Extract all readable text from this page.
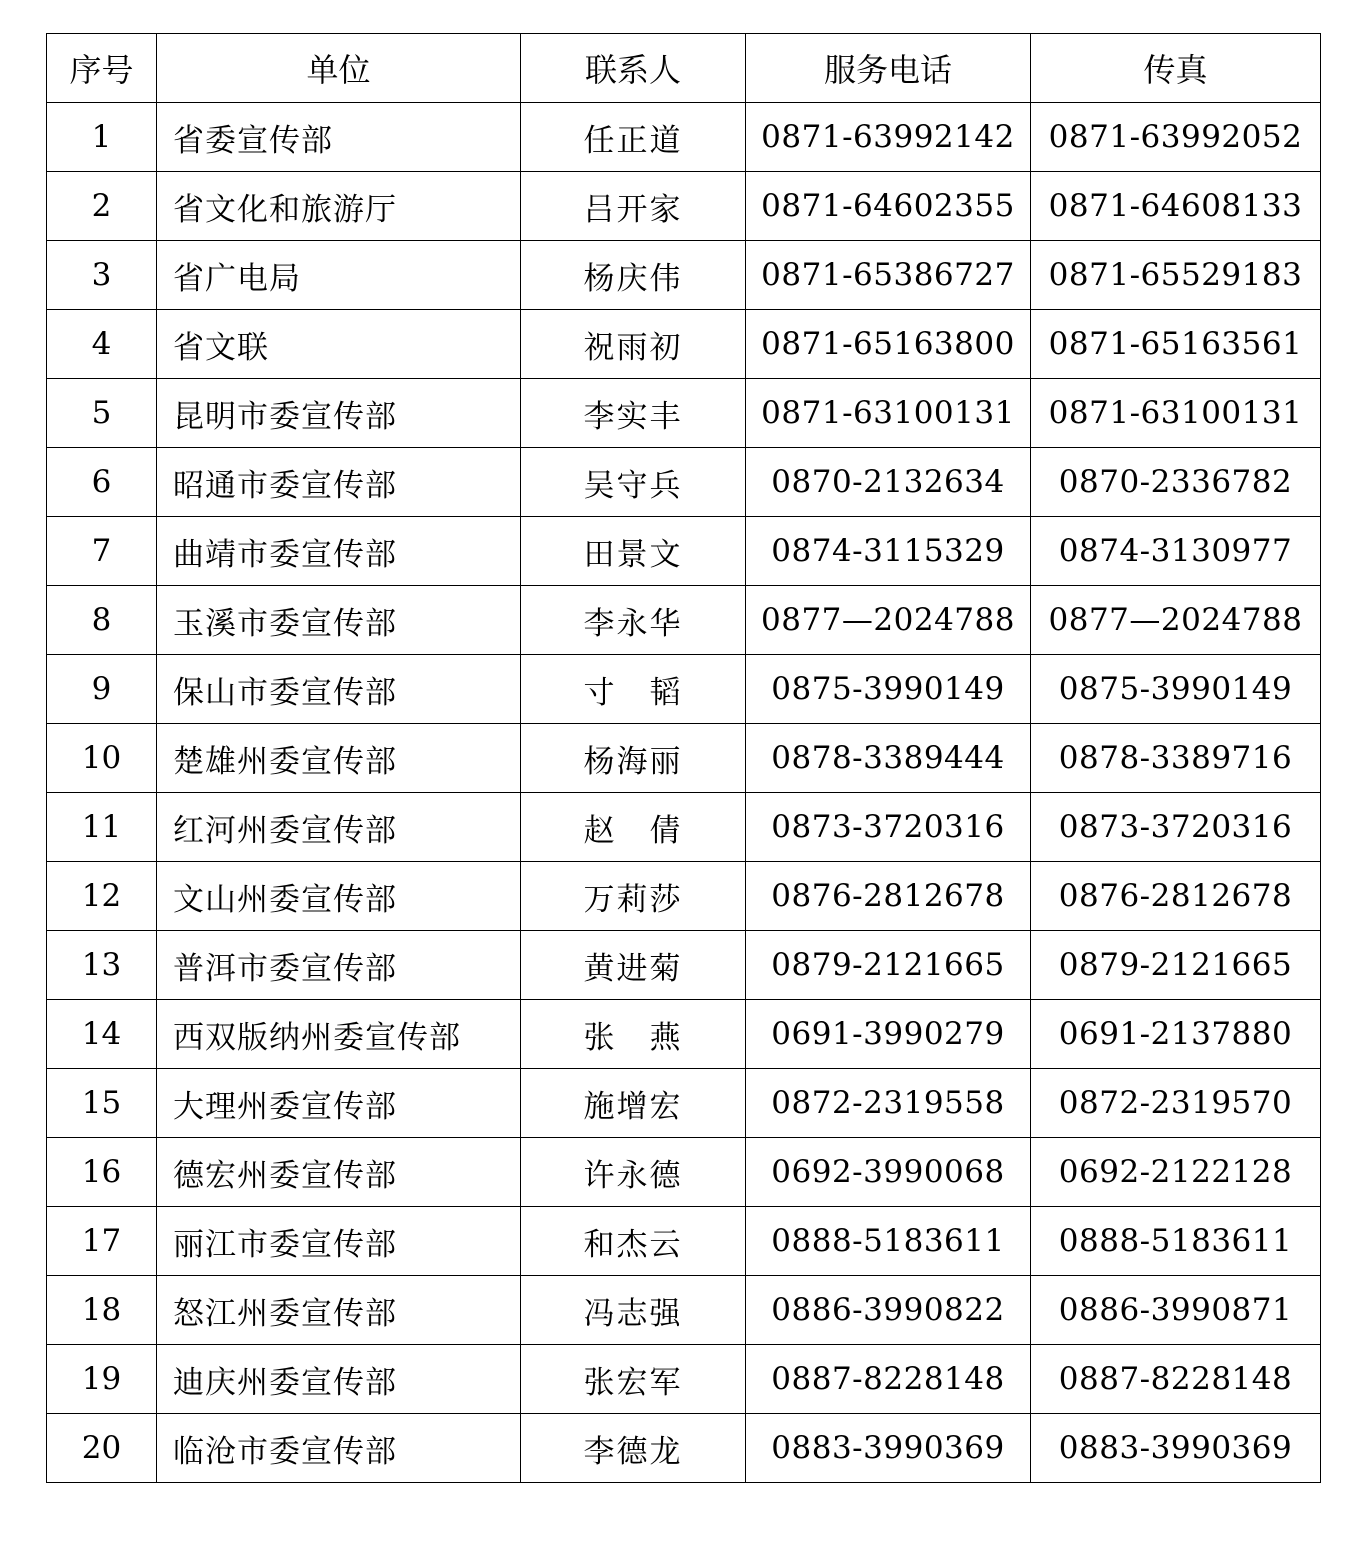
序号	单位	联系人	服务电话	传真
1	省委宣传部	任正道	0871-63992142	0871-63992052
2	省文化和旅游厅	吕开家	0871-64602355	0871-64608133
3	省广电局	杨庆伟	0871-65386727	0871-65529183
4	省文联	祝雨初	0871-65163800	0871-65163561
5	昆明市委宣传部	李实丰	0871-63100131	0871-63100131
6	昭通市委宣传部	吴守兵	0870-2132634	0870-2336782
7	曲靖市委宣传部	田景文	0874-3115329	0874-3130977
8	玉溪市委宣传部	李永华	0877—2024788	0877—2024788
9	保山市委宣传部	寸　韬	0875-3990149	0875-3990149
10	楚雄州委宣传部	杨海丽	0878-3389444	0878-3389716
11	红河州委宣传部	赵　倩	0873-3720316	0873-3720316
12	文山州委宣传部	万莉莎	0876-2812678	0876-2812678
13	普洱市委宣传部	黄进菊	0879-2121665	0879-2121665
14	西双版纳州委宣传部	张　燕	0691-3990279	0691-2137880
15	大理州委宣传部	施增宏	0872-2319558	0872-2319570
16	德宏州委宣传部	许永德	0692-3990068	0692-2122128
17	丽江市委宣传部	和杰云	0888-5183611	0888-5183611
18	怒江州委宣传部	冯志强	0886-3990822	0886-3990871
19	迪庆州委宣传部	张宏军	0887-8228148	0887-8228148
20	临沧市委宣传部	李德龙	0883-3990369	0883-3990369
